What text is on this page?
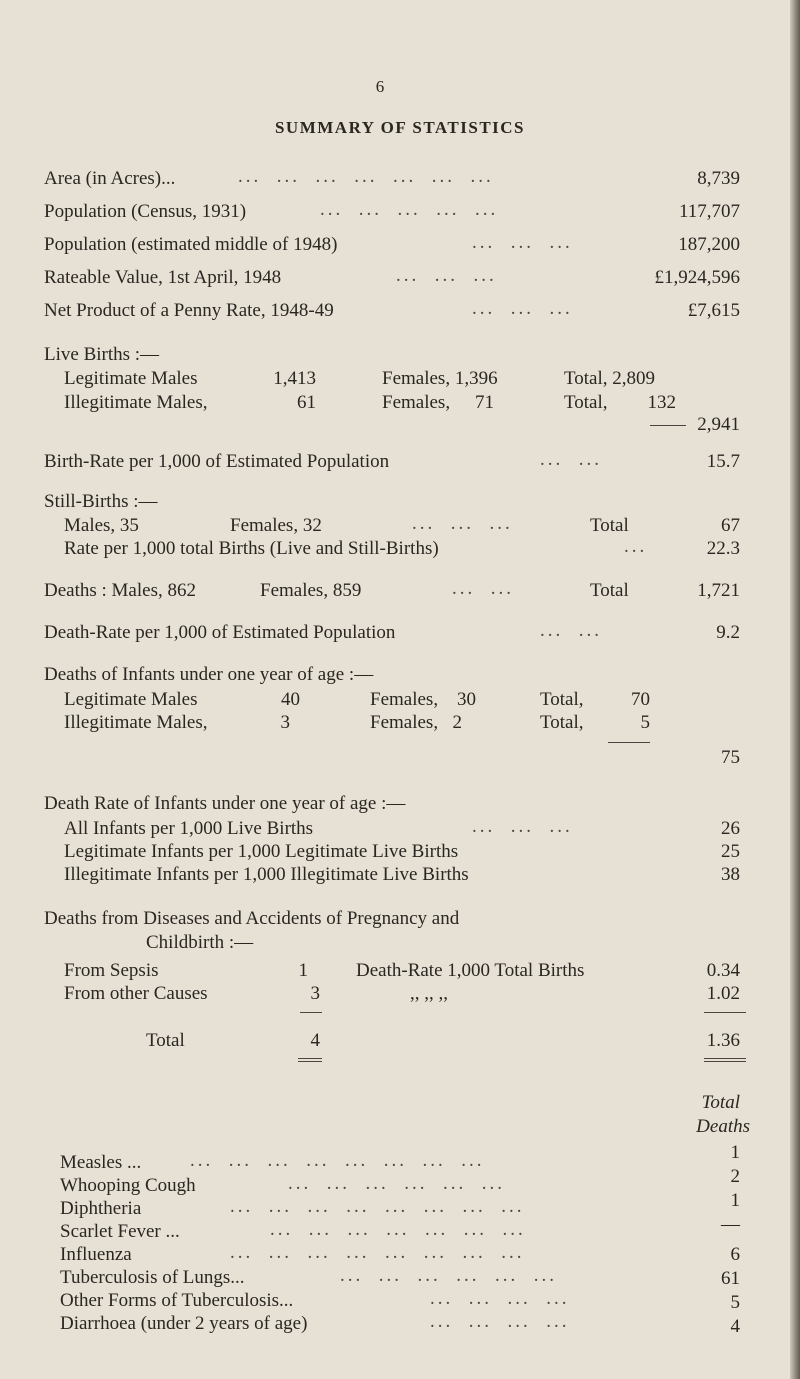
6
SUMMARY OF STATISTICS
Area (in Acres)...	...  ...  ...  ...  ...  ...  ...	8,739
Population (Census, 1931)	...  ...  ...  ...  ...	117,707
Population (estimated middle of 1948)	...  ...  ...	187,200
Rateable Value, 1st April, 1948	...  ...  ...	£1,924,596
Net Product of a Penny Rate, 1948-49	...  ...  ...	£7,615
Live Births :—
Legitimate Males	1,413	Females, 1,396	Total, 2,809
Illegitimate Males,	61	Females,	71	Total,	132
2,941
Birth-Rate per 1,000 of Estimated Population	...  ...	15.7
Still-Births :—
Males, 35	Females, 32	...  ...  ...	Total	67
Rate per 1,000 total Births (Live and Still-Births)	...	22.3
Deaths : Males, 862	Females, 859	...  ...	Total	1,721
Death-Rate per 1,000 of Estimated Population	...  ...	9.2
Deaths of Infants under one year of age :—
Legitimate Males	40	Females, 30	Total,	70
Illegitimate Males,	3	Females, 2	Total,	5
75
Death Rate of Infants under one year of age :—
All Infants per 1,000 Live Births	...  ...  ...	26
Legitimate Infants per 1,000 Legitimate Live Births	25
Illegitimate Infants per 1,000 Illegitimate Live Births	38
Deaths from Diseases and Accidents of Pregnancy and
Childbirth :—
From Sepsis	1	Death-Rate 1,000 Total Births	0.34
From other Causes	3	,, ,, ,,	1.02
Total	4	1.36
Total
Deaths
Measles ...	...  ...  ...  ...  ...  ...  ...  ...	1
Whooping Cough	...  ...  ...  ...  ...  ...	2
Diphtheria	...  ...  ...  ...  ...  ...  ...  ...	1
Scarlet Fever ...	...  ...  ...  ...  ...  ...  ...	—
Influenza	...  ...  ...  ...  ...  ...  ...  ...	6
Tuberculosis of Lungs...	...  ...  ...  ...  ...  ...	61
Other Forms of Tuberculosis...	...  ...  ...  ...	5
Diarrhoea (under 2 years of age)	...  ...  ...  ...	4
